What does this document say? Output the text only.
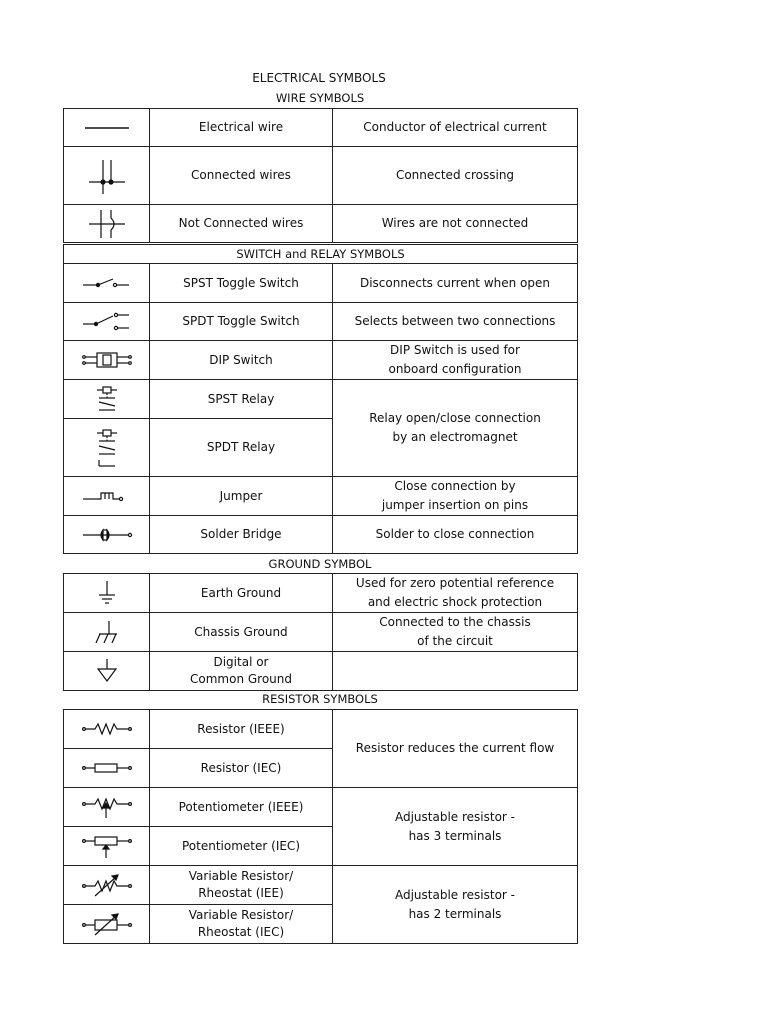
ELECTRICAL SYMBOLS
WIRE SYMBOLS
	Electrical wire	Conductor of electrical current

	Connected wires	Connected crossing

	Not Connected wires	Wires are not connected
SWITCH and RELAY SYMBOLS		

	SPST Toggle Switch	Disconnects current when open

	SPDT Toggle Switch	Selects between two connections

	DIP Switch	DIP Switch is used for
onboard configuration

	SPST Relay	Relay open/close connection
by an electromagnet

	SPDT Relay	

	Jumper	Close connection by
jumper insertion on pins

	Solder Bridge	Solder to close connection
GROUND SYMBOL
	Earth Ground	Used for zero potential reference
and electric shock protection

	Chassis Ground	Connected to the chassis
of the circuit

	Digital or
Common Ground	
RESISTOR SYMBOLS
	Resistor (IEEE)	Resistor reduces the current flow

	Resistor (IEC)	

	Potentiometer (IEEE)	Adjustable resistor -
has 3 terminals

	Potentiometer (IEC)	

	Variable Resistor/
Rheostat (IEE)	Adjustable resistor -
has 2 terminals

	Variable Resistor/
Rheostat (IEC)	
